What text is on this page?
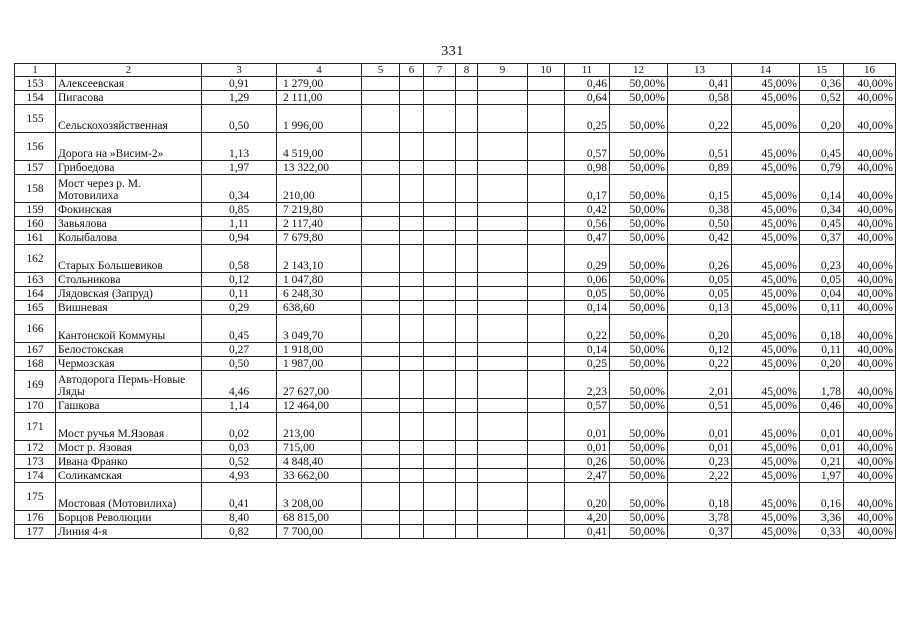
331
1	2	3	4	5	6	7	8	9	10	11	12	13	14	15	16
153	Алексеевская	0,91	1 279,00							0,46	50,00%	0,41	45,00%	0,36	40,00%
154	Пигасова	1,29	2 111,00							0,64	50,00%	0,58	45,00%	0,52	40,00%
155	Сельскохозяйственная	0,50	1 996,00							0,25	50,00%	0,22	45,00%	0,20	40,00%
156	Дорога на »Висим-2»	1,13	4 519,00							0,57	50,00%	0,51	45,00%	0,45	40,00%
157	Грибоедова	1,97	13 322,00							0,98	50,00%	0,89	45,00%	0,79	40,00%
158	Мост через р. М. Мотовилиха	0,34	210,00							0,17	50,00%	0,15	45,00%	0,14	40,00%
159	Фокинская	0,85	7 219,80							0,42	50,00%	0,38	45,00%	0,34	40,00%
160	Завьялова	1,11	2 117,40							0,56	50,00%	0,50	45,00%	0,45	40,00%
161	Колыбалова	0,94	7 679,80							0,47	50,00%	0,42	45,00%	0,37	40,00%
162	Старых Большевиков	0,58	2 143,10							0,29	50,00%	0,26	45,00%	0,23	40,00%
163	Стольникова	0,12	1 047,80							0,06	50,00%	0,05	45,00%	0,05	40,00%
164	Лядовская (Запруд)	0,11	6 248,30							0,05	50,00%	0,05	45,00%	0,04	40,00%
165	Вишневая	0,29	638,60							0,14	50,00%	0,13	45,00%	0,11	40,00%
166	Кантонской Коммуны	0,45	3 049,70							0,22	50,00%	0,20	45,00%	0,18	40,00%
167	Белостокская	0,27	1 918,00							0,14	50,00%	0,12	45,00%	0,11	40,00%
168	Чермозская	0,50	1 987,00							0,25	50,00%	0,22	45,00%	0,20	40,00%
169	Автодорога Пермь-Новые Ляды	4,46	27 627,00							2,23	50,00%	2,01	45,00%	1,78	40,00%
170	Гашкова	1,14	12 464,00							0,57	50,00%	0,51	45,00%	0,46	40,00%
171	Мост ручья М.Язовая	0,02	213,00							0,01	50,00%	0,01	45,00%	0,01	40,00%
172	Мост р. Язовая	0,03	715,00							0,01	50,00%	0,01	45,00%	0,01	40,00%
173	Ивана Франко	0,52	4 848,40							0,26	50,00%	0,23	45,00%	0,21	40,00%
174	Соликамская	4,93	33 662,00							2,47	50,00%	2,22	45,00%	1,97	40,00%
175	Мостовая (Мотовилиха)	0,41	3 208,00							0,20	50,00%	0,18	45,00%	0,16	40,00%
176	Борцов Революции	8,40	68 815,00							4,20	50,00%	3,78	45,00%	3,36	40,00%
177	Линия 4-я	0,82	7 700,00							0,41	50,00%	0,37	45,00%	0,33	40,00%
